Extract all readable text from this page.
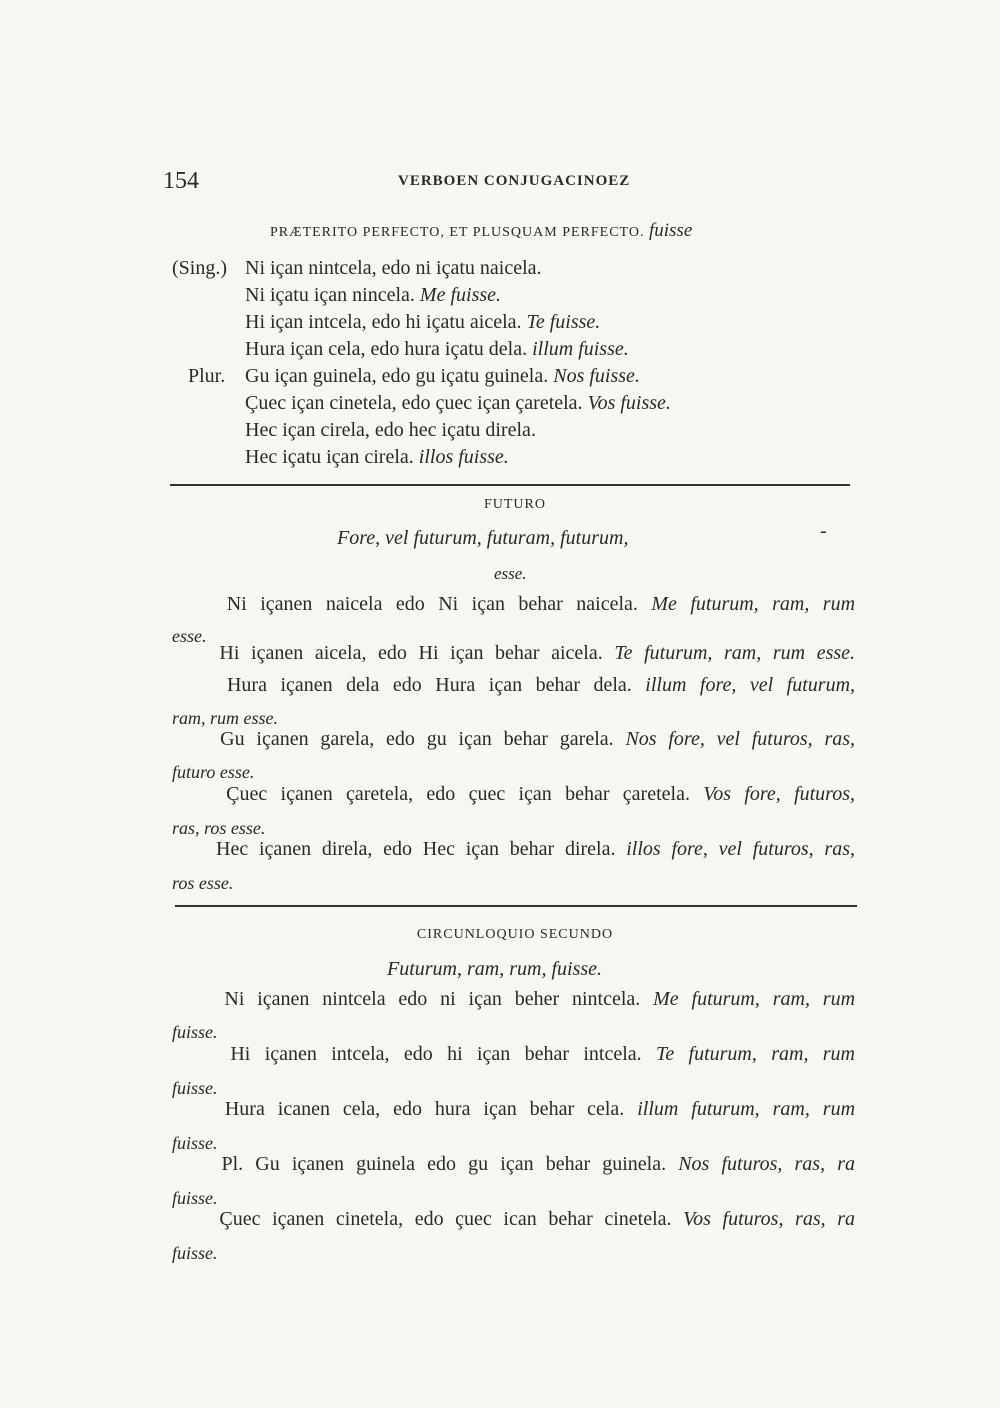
154	VERBOEN CONJUGACINOEZ
PRÆTERITO PERFECTO, ET PLUSQUAM PERFECTO. fuisse
(Sing.)
Plur.
Ni içan nintcela, edo ni içatu naicela.
Ni içatu içan nincela. Me fuisse.
Hi içan intcela, edo hi içatu aicela. Te fuisse.
Hura içan cela, edo hura içatu dela. illum fuisse.
Gu içan guinela, edo gu içatu guinela. Nos fuisse.
Çuec içan cinetela, edo çuec içan çaretela. Vos fuisse.
Hec içan cirela, edo hec içatu direla.
Hec içatu içan cirela. illos fuisse.
FUTURO
Fore, vel futurum, futuram, futurum,	-
esse.
Ni içanen naicela edo Ni içan behar naicela. Me futurum, ram, rum
esse.
Hi içanen aicela, edo Hi içan behar aicela. Te futurum, ram, rum esse.
Hura içanen dela edo Hura içan behar dela. illum fore, vel futurum,
ram, rum esse.
Gu içanen garela, edo gu içan behar garela. Nos fore, vel futuros, ras,
futuro esse.
Çuec içanen çaretela, edo çuec içan behar çaretela. Vos fore, futuros,
ras, ros esse.
Hec içanen direla, edo Hec içan behar direla. illos fore, vel futuros, ras,
ros esse.
CIRCUNLOQUIO SECUNDO
Futurum, ram, rum, fuisse.
Ni içanen nintcela edo ni içan beher nintcela. Me futurum, ram, rum
fuisse.
Hi içanen intcela, edo hi içan behar intcela. Te futurum, ram, rum
fuisse.
Hura icanen cela, edo hura içan behar cela. illum futurum, ram, rum
fuisse.
Pl. Gu içanen guinela edo gu içan behar guinela. Nos futuros, ras, ra
fuisse.
Çuec içanen cinetela, edo çuec ican behar cinetela. Vos futuros, ras, ra
fuisse.
